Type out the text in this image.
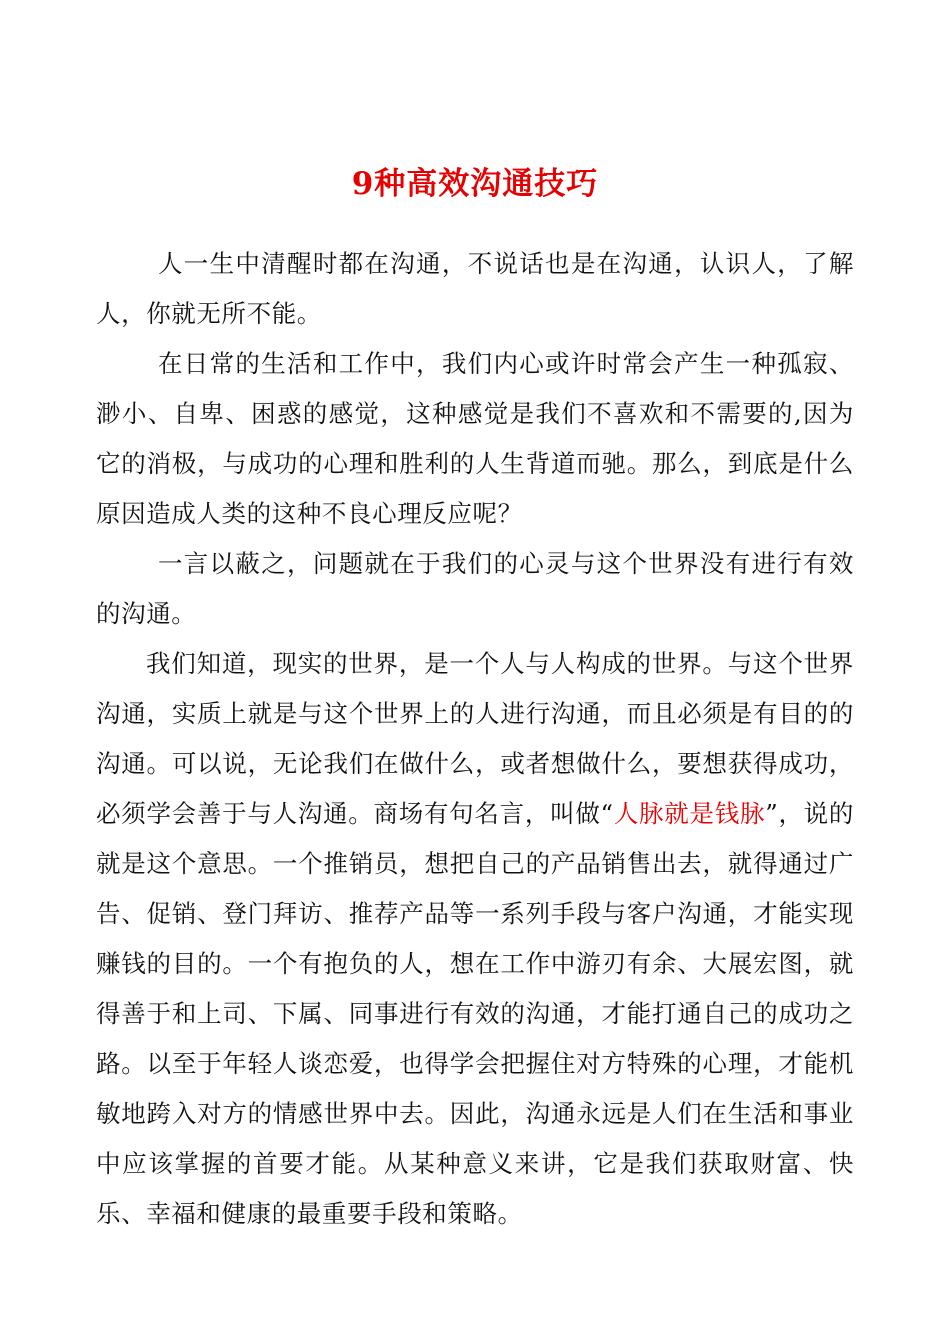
9种高效沟通技巧

人一生中清醒时都在沟通，不说话也是在沟通，认识人，了解人，你就无所不能。

在日常的生活和工作中，我们内心或许时常会产生一种孤寂、渺小、自卑、困惑的感觉，这种感觉是我们不喜欢和不需要的,因为它的消极，与成功的心理和胜利的人生背道而驰。那么，到底是什么原因造成人类的这种不良心理反应呢？

一言以蔽之，问题就在于我们的心灵与这个世界没有进行有效的沟通。

我们知道，现实的世界，是一个人与人构成的世界。与这个世界沟通，实质上就是与这个世界上的人进行沟通，而且必须是有目的的沟通。可以说，无论我们在做什么，或者想做什么，要想获得成功，必须学会善于与人沟通。商场有句名言，叫做“人脉就是钱脉”，说的就是这个意思。一个推销员，想把自己的产品销售出去，就得通过广告、促销、登门拜访、推荐产品等一系列手段与客户沟通，才能实现赚钱的目的。一个有抱负的人，想在工作中游刃有余、大展宏图，就得善于和上司、下属、同事进行有效的沟通，才能打通自己的成功之路。以至于年轻人谈恋爱，也得学会把握住对方特殊的心理，才能机敏地跨入对方的情感世界中去。因此，沟通永远是人们在生活和事业中应该掌握的首要才能。从某种意义来讲，它是我们获取财富、快乐、幸福和健康的最重要手段和策略。
